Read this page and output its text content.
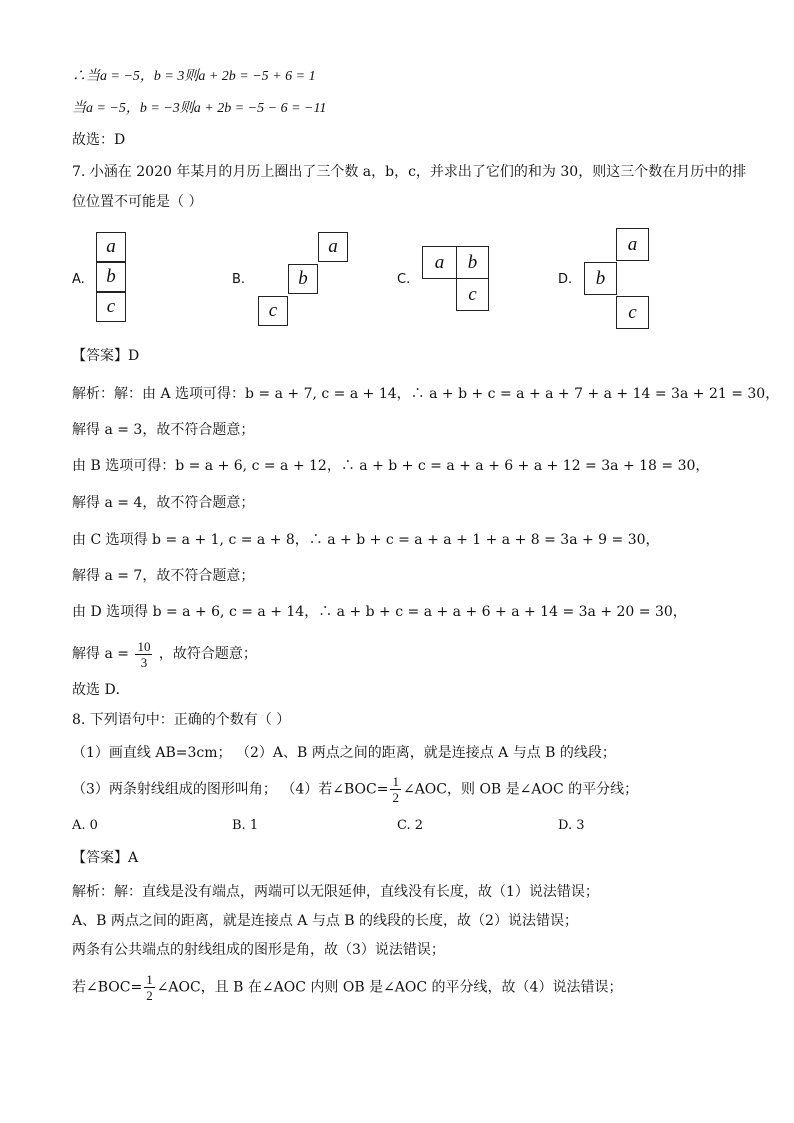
∴当a = −5，b = 3则a + 2b = −5 + 6 = 1
当a = −5，b = −3则a + 2b = −5 − 6 = −11
故选：D
7. 小涵在 2020 年某月的月历上圈出了三个数 a，b，c，并求出了它们的和为 30，则这三个数在月历中的排
位位置不可能是（ ）
A.
a
b
c
B.
a
b
c
C.
a	b
c
D.
a
b
c
【答案】D
解析：解：由 A 选项可得：b = a + 7, c = a + 14，∴ a + b + c = a + a + 7 + a + 14 = 3a + 21 = 30，
解得 a = 3，故不符合题意；
由 B 选项可得：b = a + 6, c = a + 12，∴ a + b + c = a + a + 6 + a + 12 = 3a + 18 = 30，
解得 a = 4，故不符合题意；
由 C 选项得 b = a + 1, c = a + 8，∴ a + b + c = a + a + 1 + a + 8 = 3a + 9 = 30，
解得 a = 7，故不符合题意；
由 D 选项得 b = a + 6, c = a + 14，∴ a + b + c = a + a + 6 + a + 14 = 3a + 20 = 30，
解得 $a = \frac{10}{3}$ ，故符合题意；
故选 D．
8. 下列语句中：正确的个数有（ ）
（1）画直线 AB=3cm； （2）A、B 两点之间的距离，就是连接点 A 与点 B 的线段；
（3）两条射线组成的图形叫角； （4）若∠BOC= $\frac{1}{2}$ ∠AOC，则 OB 是∠AOC 的平分线；
A. 0	B. 1	C. 2	D. 3
【答案】A
解析：解：直线是没有端点，两端可以无限延伸，直线没有长度，故（1）说法错误；
A、B 两点之间的距离，就是连接点 A 与点 B 的线段的长度，故（2）说法错误；
两条有公共端点的射线组成的图形是角，故（3）说法错误；
若∠BOC= $\frac{1}{2}$ ∠AOC，且 B 在∠AOC 内则 OB 是∠AOC 的平分线，故（4）说法错误；
